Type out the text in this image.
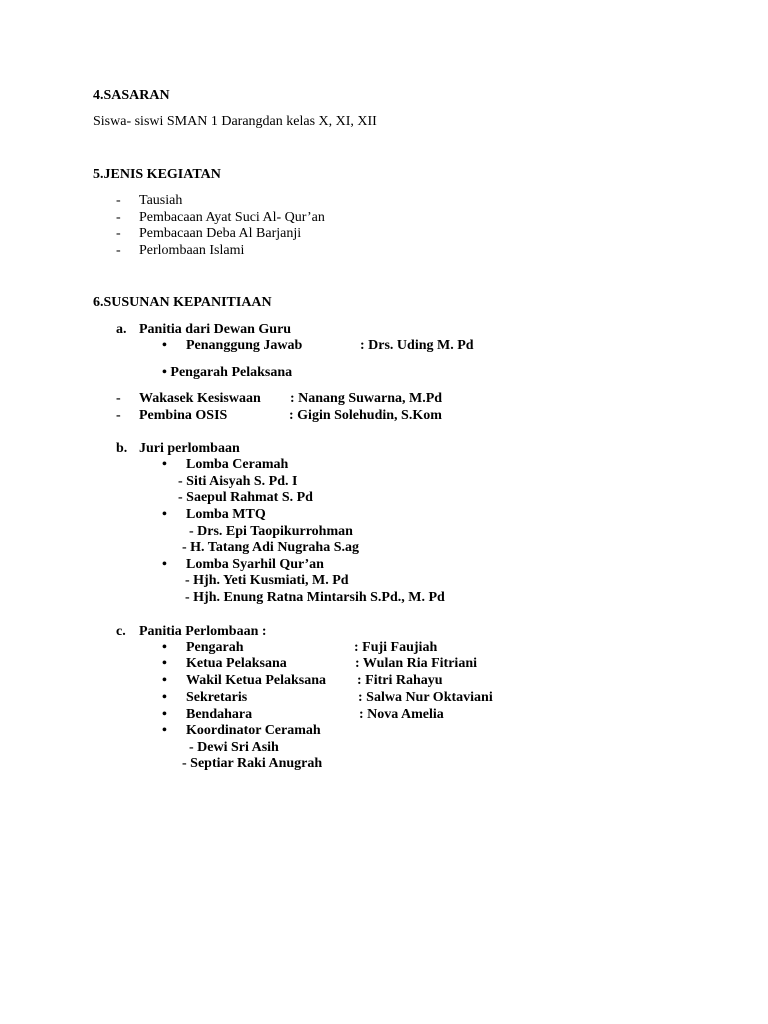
4.SASARAN
Siswa- siswi SMAN 1 Darangdan kelas X, XI, XII
5.JENIS KEGIATAN
- Tausiah
- Pembacaan Ayat Suci Al- Qur’an
- Pembacaan Deba Al Barjanji
- Perlombaan Islami
6.SUSUNAN KEPANITIAAN
a. Panitia dari Dewan Guru
• Penanggung Jawab	: Drs. Uding M. Pd
• Pengarah Pelaksana
- Wakasek Kesiswaan : Nanang Suwarna, M.Pd
- Pembina OSIS	: Gigin Solehudin, S.Kom
b. Juri perlombaan
• Lomba Ceramah
- Siti Aisyah S. Pd. I
- Saepul Rahmat S. Pd
• Lomba MTQ
- Drs. Epi Taopikurrohman
- H. Tatang Adi Nugraha S.ag
• Lomba Syarhil Qur’an
- Hjh. Yeti Kusmiati, M. Pd
- Hjh. Enung Ratna Mintarsih S.Pd., M. Pd
c. Panitia Perlombaan :
• Pengarah	: Fuji Faujiah
• Ketua Pelaksana	: Wulan Ria Fitriani
• Wakil Ketua Pelaksana : Fitri Rahayu
• Sekretaris	: Salwa Nur Oktaviani
• Bendahara	: Nova Amelia
• Koordinator Ceramah
- Dewi Sri Asih
- Septiar Raki Anugrah
